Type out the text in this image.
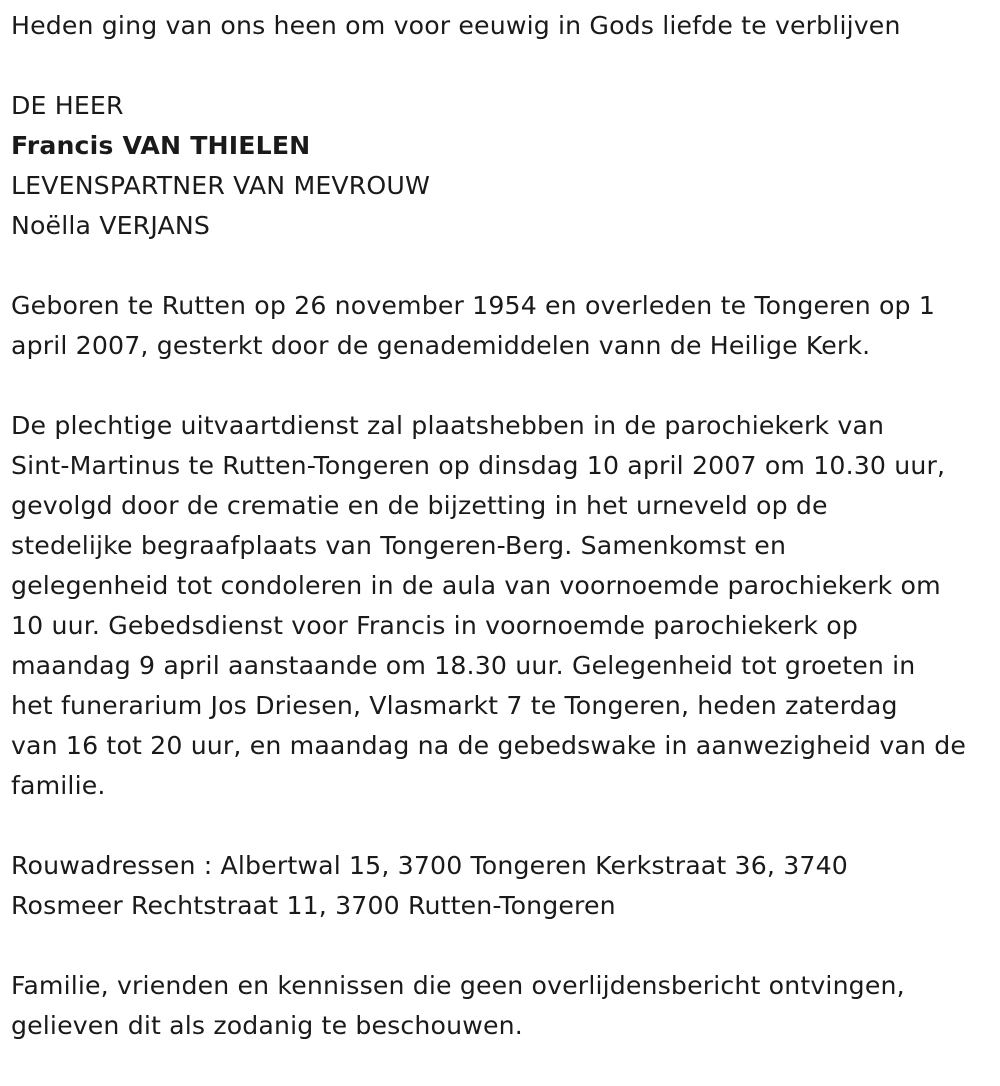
Heden ging van ons heen om voor eeuwig in Gods liefde te verblijven
DE HEER
Francis VAN THIELEN
LEVENSPARTNER VAN MEVROUW
Noëlla VERJANS
Geboren te Rutten op 26 november 1954 en overleden te Tongeren op 1
april 2007, gesterkt door de genademiddelen vann de Heilige Kerk.
De plechtige uitvaartdienst zal plaatshebben in de parochiekerk van
Sint-Martinus te Rutten-Tongeren op dinsdag 10 april 2007 om 10.30 uur,
gevolgd door de crematie en de bijzetting in het urneveld op de
stedelijke begraafplaats van Tongeren-Berg. Samenkomst en
gelegenheid tot condoleren in de aula van voornoemde parochiekerk om
10 uur. Gebedsdienst voor Francis in voornoemde parochiekerk op
maandag 9 april aanstaande om 18.30 uur. Gelegenheid tot groeten in
het funerarium Jos Driesen, Vlasmarkt 7 te Tongeren, heden zaterdag
van 16 tot 20 uur, en maandag na de gebedswake in aanwezigheid van de
familie.
Rouwadressen : Albertwal 15, 3700 Tongeren Kerkstraat 36, 3740
Rosmeer Rechtstraat 11, 3700 Rutten-Tongeren
Familie, vrienden en kennissen die geen overlijdensbericht ontvingen,
gelieven dit als zodanig te beschouwen.
